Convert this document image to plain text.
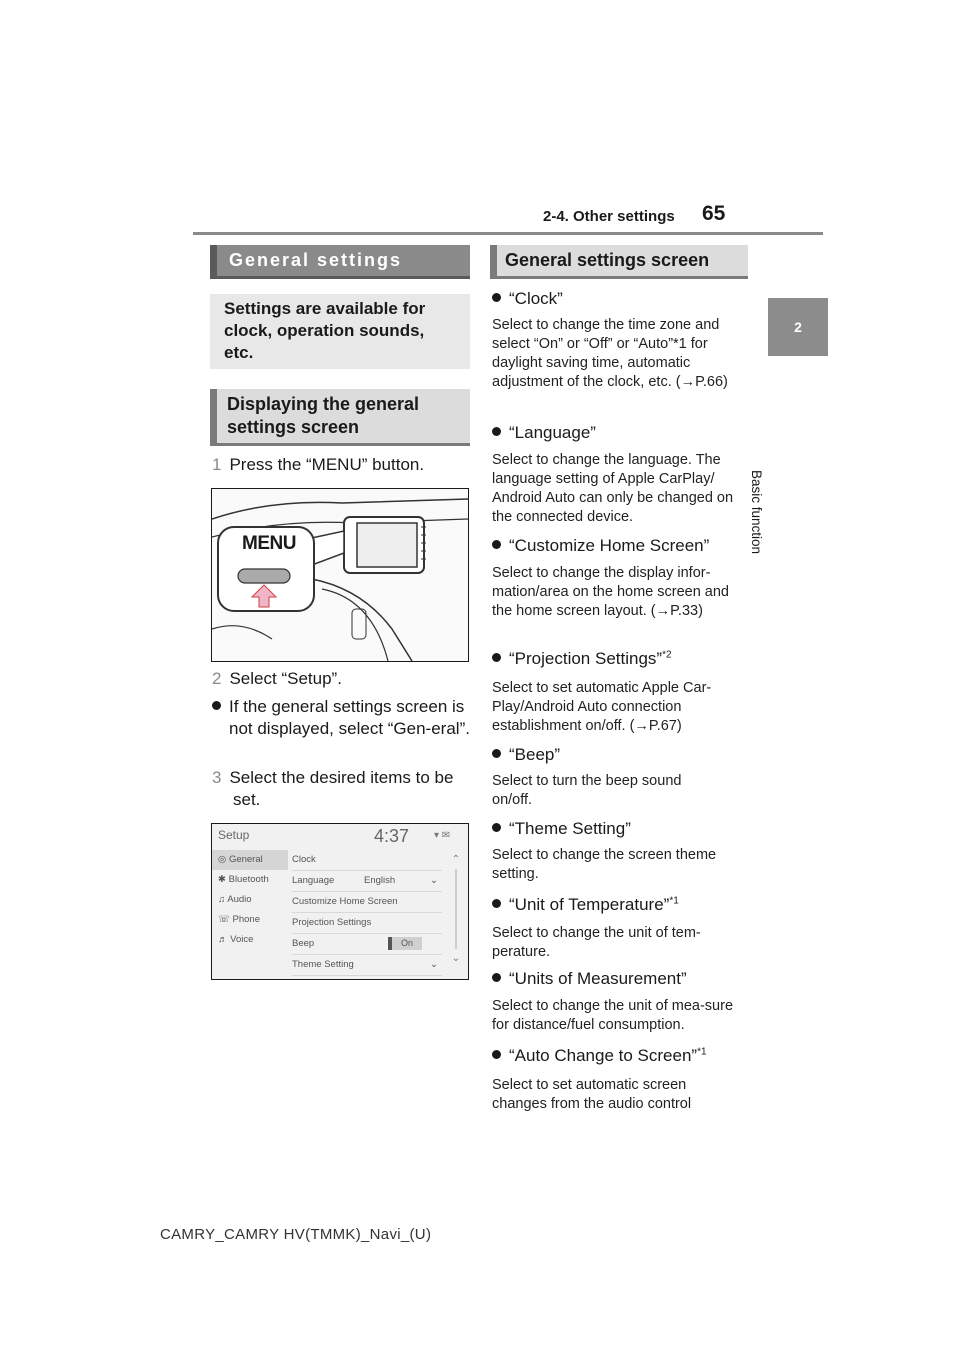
2-4. Other settings 65
2
Basic function
General settings
Settings are available for clock, operation sounds, etc.
Displaying the general settings screen
1 Press the “MENU” button.
MENU
2 Select “Setup”.
If the general settings screen is not displayed, select “Gen-eral”.
3 Select the desired items to be set.
Setup	4:37 ▾ ✉
◎ General
✱ Bluetooth
♫ Audio
☏ Phone
♬ Voice
Clock
Language	English	⌄
Customize Home Screen
Projection Settings
Beep	On
Theme Setting	⌄
⌃
⌄
General settings screen
“Clock”
Select to change the time zone and select “On” or “Off” or “Auto”*1 for daylight saving time, automatic adjustment of the clock, etc. (→P.66)
“Language”
Select to change the language. The language setting of Apple CarPlay/ Android Auto can only be changed on the connected device.
“Customize Home Screen”
Select to change the display infor-mation/area on the home screen and the home screen layout. (→P.33)
“Projection Settings”$^{*2}$
Select to set automatic Apple Car-Play/Android Auto connection establishment on/off. (→P.67)
“Beep”
Select to turn the beep sound on/off.
“Theme Setting”
Select to change the screen theme setting.
“Unit of Temperature”$^{*1}$
Select to change the unit of tem-perature.
“Units of Measurement”
Select to change the unit of mea-sure for distance/fuel consumption.
“Auto Change to Screen”$^{*1}$
Select to set automatic screen changes from the audio control
CAMRY_CAMRY HV(TMMK)_Navi_(U)
